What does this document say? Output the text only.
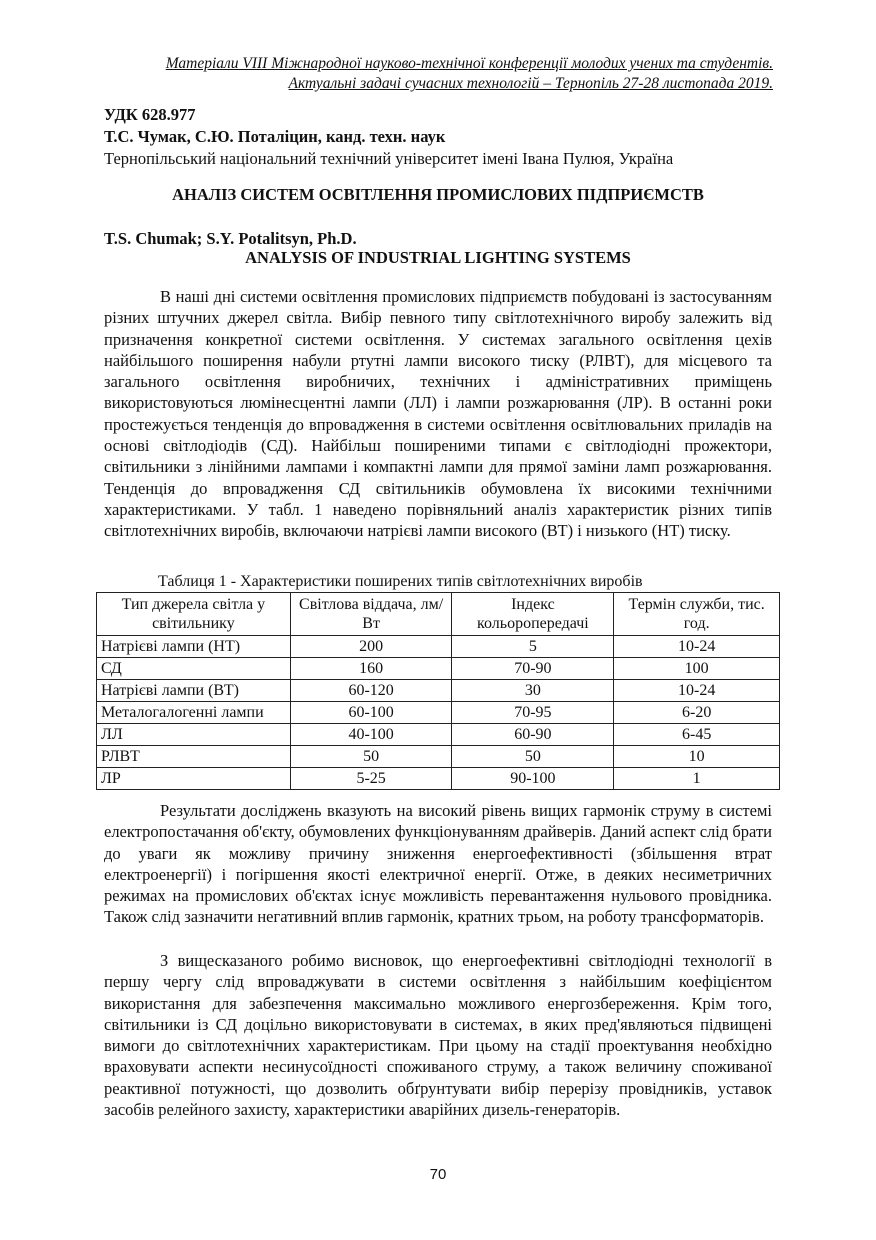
Матеріали VIII Міжнародної науково-технічної конференції молодих учених та студентів.
Актуальні задачі сучасних технологій – Тернопіль 27-28 листопада 2019.
УДК 628.977
Т.С. Чумак, С.Ю. Поталіцин, канд. техн. наук
Тернопільський національний технічний університет імені Івана Пулюя, Україна
АНАЛІЗ СИСТЕМ ОСВІТЛЕННЯ ПРОМИСЛОВИХ ПІДПРИЄМСТВ
T.S. Chumak; S.Y. Potalitsyn, Ph.D.
ANALYSIS OF INDUSTRIAL LIGHTING SYSTEMS

В наші дні системи освітлення промислових підприємств побудовані із застосуванням різних штучних джерел світла. Вибір певного типу світлотехнічного виробу залежить від призначення конкретної системи освітлення. У системах загального освітлення цехів найбільшого поширення набули ртутні лампи високого тиску (РЛВТ), для місцевого та загального освітлення виробничих, технічних і адміністративних приміщень використовуються люмінесцентні лампи (ЛЛ) і лампи розжарювання (ЛР). В останні роки простежується тенденція до впровадження в системи освітлення освітлювальних приладів на основі світлодіодів (СД). Найбільш поширеними типами є світлодіодні прожектори, світильники з лінійними лампами і компактні лампи для прямої заміни ламп розжарювання. Тенденція до впровадження СД світильників обумовлена їх високими технічними характеристиками. У табл. 1 наведено порівняльний аналіз характеристик різних типів світлотехнічних виробів, включаючи натрієві лампи високого (ВТ) і низького (НТ) тиску.

Таблиця 1 - Характеристики поширених типів світлотехнічних виробів
Тип джерела світла у світильнику	Світлова віддача, лм/Вт	Індекс кольоропередачі	Термін служби, тис. год.
Натрієві лампи (НТ)	200	5	10-24
СД	160	70-90	100
Натрієві лампи (ВТ)	60-120	30	10-24
Металогалогенні лампи	60-100	70-95	6-20
ЛЛ	40-100	60-90	6-45
РЛВТ	50	50	10
ЛР	5-25	90-100	1

Результати досліджень вказують на високий рівень вищих гармонік струму в системі електропостачання об'єкту, обумовлених функціонуванням драйверів. Даний аспект слід брати до уваги як можливу причину зниження енергоефективності (збільшення втрат електроенергії) і погіршення якості електричної енергії. Отже, в деяких несиметричних режимах на промислових об'єктах існує можливість перевантаження нульового провідника. Також слід зазначити негативний вплив гармонік, кратних трьом, на роботу трансформаторів.

З вищесказаного робимо висновок, що енергоефективні світлодіодні технології в першу чергу слід впроваджувати в системи освітлення з найбільшим коефіцієнтом використання для забезпечення максимально можливого енергозбереження. Крім того, світильники із СД доцільно використовувати в системах, в яких пред'являються підвищені вимоги до світлотехнічних характеристикам. При цьому на стадії проектування необхідно враховувати аспекти несинусоїдності споживаного струму, а також величину споживаної реактивної потужності, що дозволить обґрунтувати вибір перерізу провідників, уставок засобів релейного захисту, характеристики аварійних дизель-генераторів.

70
